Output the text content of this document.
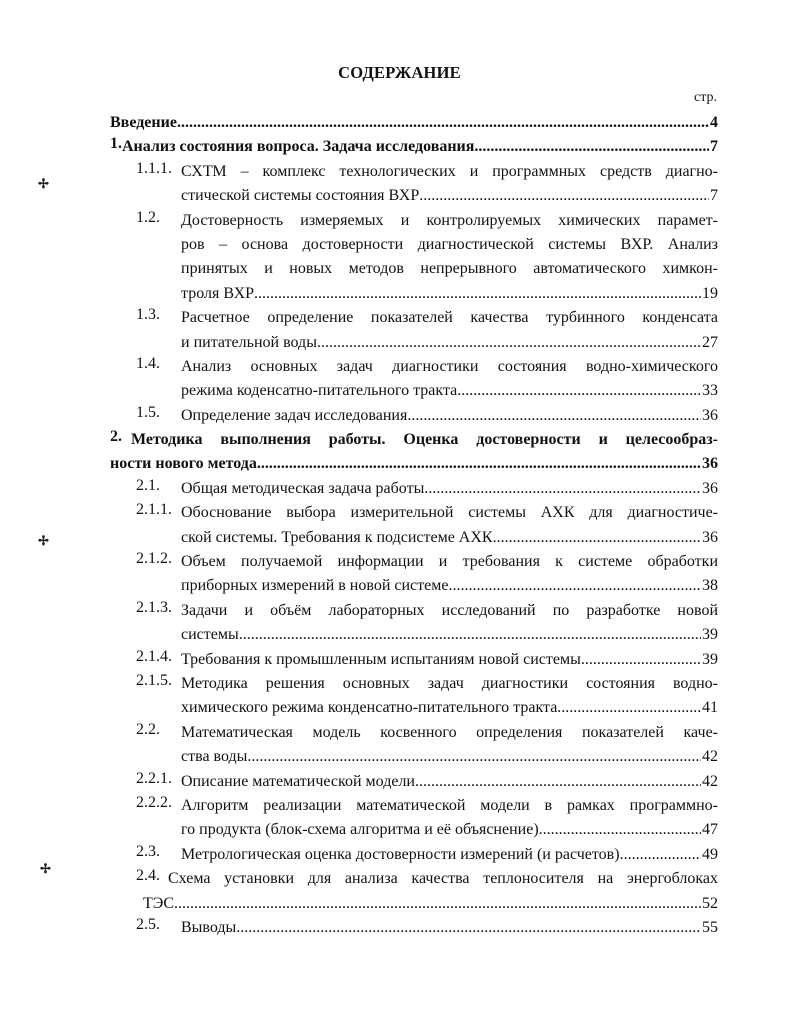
СОДЕРЖАНИЕ
стр.
Введение .....	4
1. Анализ состояния вопроса. Задача исследования .....	7
1.1.1. СХТМ – комплекс технологических и программных средств диагно-
стической системы состояния ВХР .....	7
1.2. Достоверность измеряемых и контролируемых химических парамет-
ров – основа достоверности диагностической системы ВХР. Анализ
принятых и новых методов непрерывного автоматического химкон-
троля ВХР .....	19
1.3. Расчетное определение показателей качества турбинного конденсата
и питательной воды .....	27
1.4. Анализ основных задач диагностики состояния водно-химического
режима коденсатно-питательного тракта .....	33
1.5. Определение задач исследования .....	36
2. Методика выполнения работы. Оценка достоверности и целесообраз-
ности нового метода .....	36
2.1. Общая методическая задача работы .....	36
2.1.1. Обоснование выбора измерительной системы АХК для диагностиче-
ской системы. Требования к подсистеме АХК .....	36
2.1.2. Объем получаемой информации и требования к системе обработки
приборных измерений в новой системе .....	38
2.1.3. Задачи и объём лабораторных исследований по разработке новой
системы .....	39
2.1.4. Требования к промышленным испытаниям новой системы .....	39
2.1.5. Методика решения основных задач диагностики состояния водно-
химического режима конденсатно-питательного тракта .....	41
2.2. Математическая модель косвенного определения показателей каче-
ства воды .....	42
2.2.1. Описание математической модели .....	42
2.2.2. Алгоритм реализации математической модели в рамках программно-
го продукта (блок-схема алгоритма и её объяснение) .....	47
2.3. Метрологическая оценка достоверности измерений (и расчетов) .....	49
2.4. Схема установки для анализа качества теплоносителя на энергоблоках
ТЭС .....	52
2.5. Выводы .....	55
✢
✢
✢
